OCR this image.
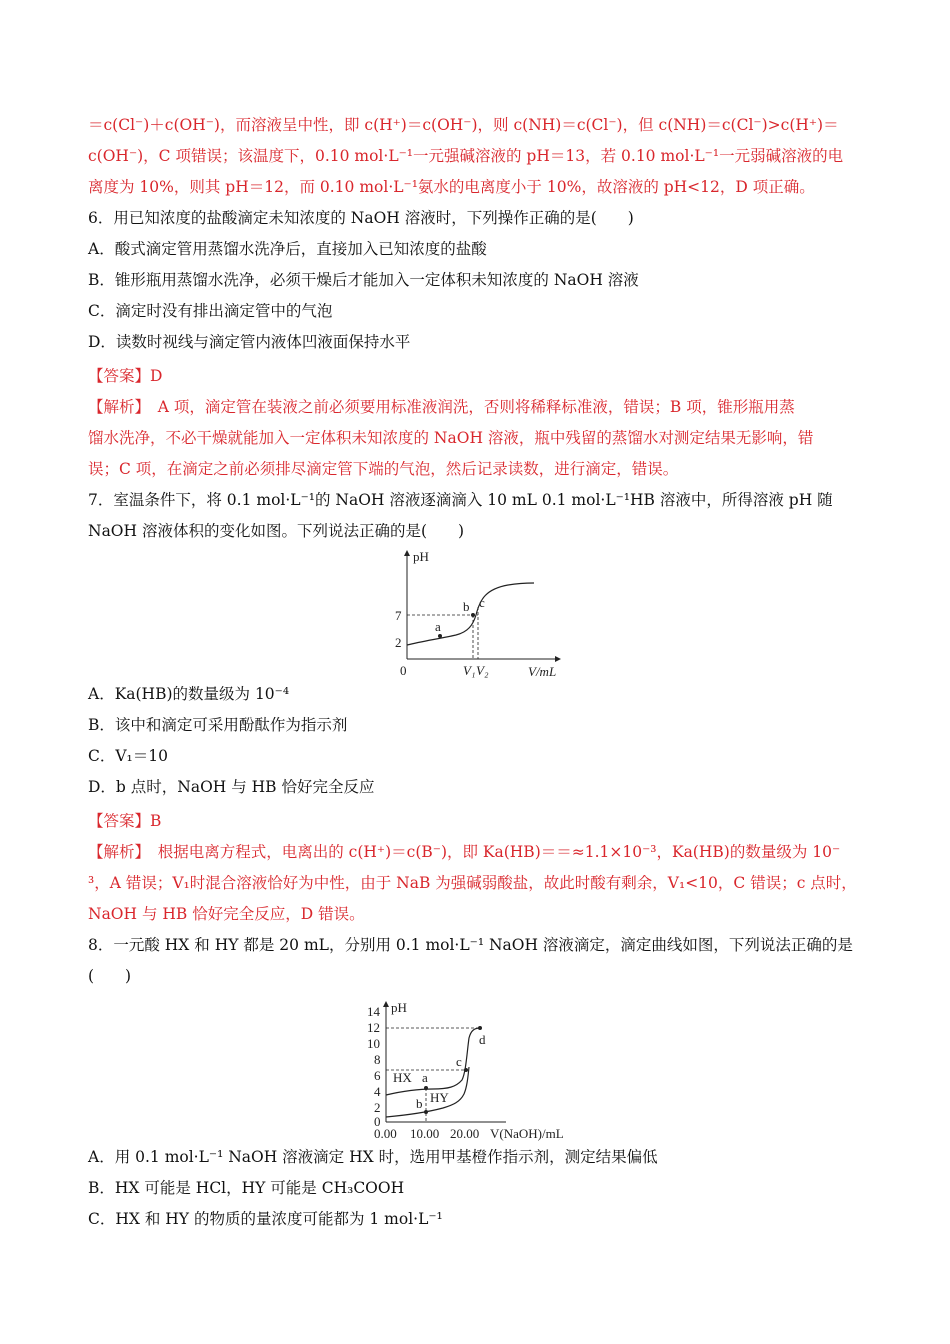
＝c(Cl⁻)＋c(OH⁻)，而溶液呈中性，即 c(H⁺)＝c(OH⁻)，则 c(NH)＝c(Cl⁻)，但 c(NH)＝c(Cl⁻)>c(H⁺)＝
c(OH⁻)，C 项错误；该温度下，0.10 mol·L⁻¹一元强碱溶液的 pH＝13，若 0.10 mol·L⁻¹一元弱碱溶液的电
离度为 10%，则其 pH＝12，而 0.10 mol·L⁻¹氨水的电离度小于 10%，故溶液的 pH<12，D 项正确。
6．用已知浓度的盐酸滴定未知浓度的 NaOH 溶液时，下列操作正确的是(　　)
A．酸式滴定管用蒸馏水洗净后，直接加入已知浓度的盐酸
B．锥形瓶用蒸馏水洗净，必须干燥后才能加入一定体积未知浓度的 NaOH 溶液
C．滴定时没有排出滴定管中的气泡
D．读数时视线与滴定管内液体凹液面保持水平
【答案】D
【解析】　A 项，滴定管在装液之前必须要用标准液润洗，否则将稀释标准液，错误；B 项，锥形瓶用蒸
馏水洗净，不必干燥就能加入一定体积未知浓度的 NaOH 溶液，瓶中残留的蒸馏水对测定结果无影响，错
误；C 项，在滴定之前必须排尽滴定管下端的气泡，然后记录读数，进行滴定，错误。
7．室温条件下，将 0.1 mol·L⁻¹的 NaOH 溶液逐滴滴入 10 mL 0.1 mol·L⁻¹HB 溶液中，所得溶液 pH 随
NaOH 溶液体积的变化如图。下列说法正确的是(　　)
pH
V/mL
0
7
2
a
b c
V₁ V₂
A．Ka(HB)的数量级为 10⁻⁴
B．该中和滴定可采用酚酞作为指示剂
C．V₁＝10
D．b 点时，NaOH 与 HB 恰好完全反应
【答案】B
【解析】　根据电离方程式，电离出的 c(H⁺)＝c(B⁻)，即 Ka(HB)＝＝≈1.1×10⁻³，Ka(HB)的数量级为 10⁻
³，A 错误；V₁时混合溶液恰好为中性，由于 NaB 为强碱弱酸盐，故此时酸有剩余，V₁<10，C 错误；c 点时，
NaOH 与 HB 恰好完全反应，D 错误。
8．一元酸 HX 和 HY 都是 20 mL，分别用 0.1 mol·L⁻¹ NaOH 溶液滴定，滴定曲线如图，下列说法正确的是
(　　)
pH
14
12
10
8
6
4
2
0
0.00 10.00 20.00 V(NaOH)/mL
a
b
c
d
HX
HY
A．用 0.1 mol·L⁻¹ NaOH 溶液滴定 HX 时，选用甲基橙作指示剂，测定结果偏低
B．HX 可能是 HCl，HY 可能是 CH₃COOH
C．HX 和 HY 的物质的量浓度可能都为 1 mol·L⁻¹
